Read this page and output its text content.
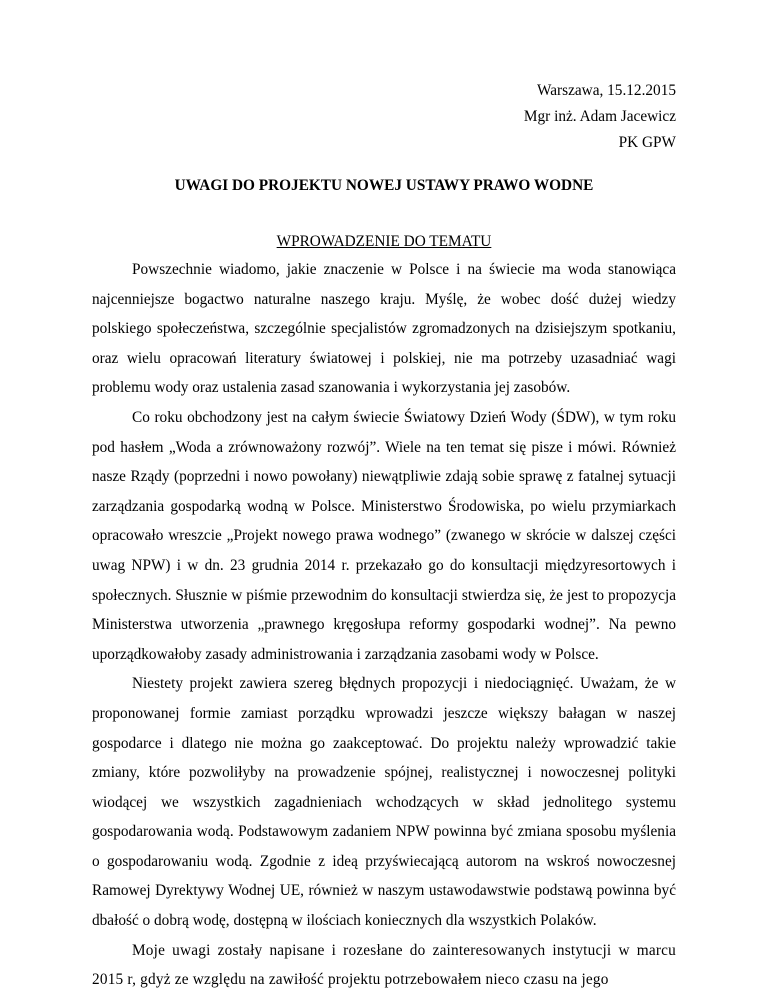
Warszawa, 15.12.2015
Mgr inż. Adam Jacewicz
PK GPW
UWAGI DO PROJEKTU NOWEJ USTAWY PRAWO WODNE
WPROWADZENIE DO TEMATU

Powszechnie wiadomo, jakie znaczenie w Polsce i na świecie ma woda stanowiąca najcenniejsze bogactwo naturalne naszego kraju. Myślę, że wobec dość dużej wiedzy polskiego społeczeństwa, szczególnie specjalistów zgromadzonych na dzisiejszym spotkaniu, oraz wielu opracowań literatury światowej i polskiej, nie ma potrzeby uzasadniać wagi problemu wody oraz ustalenia zasad szanowania i wykorzystania jej zasobów.

Co roku obchodzony jest na całym świecie Światowy Dzień Wody (ŚDW), w tym roku pod hasłem „Woda a zrównoważony rozwój”. Wiele na ten temat się pisze i mówi. Również nasze Rządy (poprzedni i nowo powołany) niewątpliwie zdają sobie sprawę z fatalnej sytuacji zarządzania gospodarką wodną w Polsce. Ministerstwo Środowiska, po wielu przymiarkach opracowało wreszcie „Projekt nowego prawa wodnego” (zwanego w skrócie w dalszej części uwag NPW) i w dn. 23 grudnia 2014 r. przekazało go do konsultacji międzyresortowych i społecznych. Słusznie w piśmie przewodnim do konsultacji stwierdza się, że jest to propozycja Ministerstwa utworzenia „prawnego kręgosłupa reformy gospodarki wodnej”. Na pewno uporządkowałoby zasady administrowania i zarządzania zasobami wody w Polsce.

Niestety projekt zawiera szereg błędnych propozycji i niedociągnięć. Uważam, że w proponowanej formie zamiast porządku wprowadzi jeszcze większy bałagan w naszej gospodarce i dlatego nie można go zaakceptować. Do projektu należy wprowadzić takie zmiany, które pozwoliłyby na prowadzenie spójnej, realistycznej i nowoczesnej polityki wiodącej we wszystkich zagadnieniach wchodzących w skład jednolitego systemu gospodarowania wodą. Podstawowym zadaniem NPW powinna być zmiana sposobu myślenia o gospodarowaniu wodą. Zgodnie z ideą przyświecającą autorom na wskroś nowoczesnej Ramowej Dyrektywy Wodnej UE, również w naszym ustawodawstwie podstawą powinna być dbałość o dobrą wodę, dostępną w ilościach koniecznych dla wszystkich Polaków.

Moje uwagi zostały napisane i rozesłane do zainteresowanych instytucji w marcu 2015 r, gdyż ze względu na zawiłość projektu potrzebowałem nieco czasu na jego
